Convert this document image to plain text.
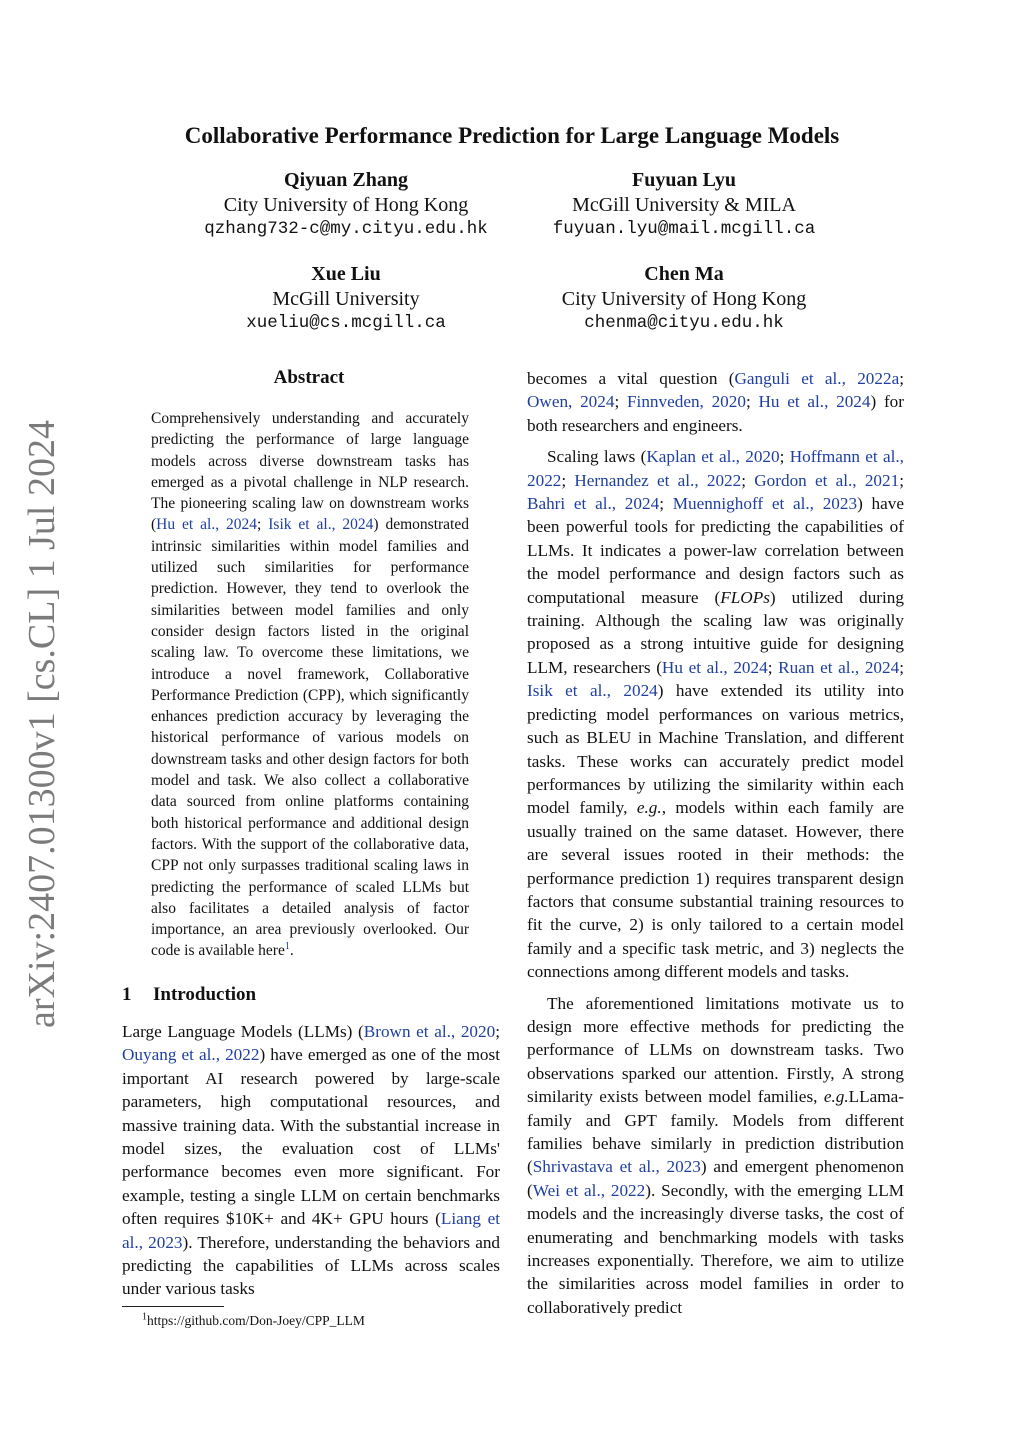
arXiv:2407.01300v1 [cs.CL] 1 Jul 2024
Collaborative Performance Prediction for Large Language Models
Qiyuan Zhang
City University of Hong Kong
qzhang732-c@my.cityu.edu.hk
Fuyuan Lyu
McGill University & MILA
fuyuan.lyu@mail.mcgill.ca
Xue Liu
McGill University
xueliu@cs.mcgill.ca
Chen Ma
City University of Hong Kong
chenma@cityu.edu.hk
Abstract
Comprehensively understanding and accurately predicting the performance of large language models across diverse downstream tasks has emerged as a pivotal challenge in NLP research. The pioneering scaling law on downstream works (Hu et al., 2024; Isik et al., 2024) demonstrated intrinsic similarities within model families and utilized such similarities for performance prediction. However, they tend to overlook the similarities between model families and only consider design factors listed in the original scaling law. To overcome these limitations, we introduce a novel framework, Collaborative Performance Prediction (CPP), which significantly enhances prediction accuracy by leveraging the historical performance of various models on downstream tasks and other design factors for both model and task. We also collect a collaborative data sourced from online platforms containing both historical performance and additional design factors. With the support of the collaborative data, CPP not only surpasses traditional scaling laws in predicting the performance of scaled LLMs but also facilitates a detailed analysis of factor importance, an area previously overlooked. Our code is available here$^1$.
1 Introduction
Large Language Models (LLMs) (Brown et al., 2020; Ouyang et al., 2022) have emerged as one of the most important AI research powered by large-scale parameters, high computational resources, and massive training data. With the substantial increase in model sizes, the evaluation cost of LLMs' performance becomes even more significant. For example, testing a single LLM on certain benchmarks often requires $10K+ and 4K+ GPU hours (Liang et al., 2023). Therefore, understanding the behaviors and predicting the capabilities of LLMs across scales under various tasks

becomes a vital question (Ganguli et al., 2022a; Owen, 2024; Finnveden, 2020; Hu et al., 2024) for both researchers and engineers.

Scaling laws (Kaplan et al., 2020; Hoffmann et al., 2022; Hernandez et al., 2022; Gordon et al., 2021; Bahri et al., 2024; Muennighoff et al., 2023) have been powerful tools for predicting the capabilities of LLMs. It indicates a power-law correlation between the model performance and design factors such as computational measure (FLOPs) utilized during training. Although the scaling law was originally proposed as a strong intuitive guide for designing LLM, researchers (Hu et al., 2024; Ruan et al., 2024; Isik et al., 2024) have extended its utility into predicting model performances on various metrics, such as BLEU in Machine Translation, and different tasks. These works can accurately predict model performances by utilizing the similarity within each model family, e.g., models within each family are usually trained on the same dataset. However, there are several issues rooted in their methods: the performance prediction 1) requires transparent design factors that consume substantial training resources to fit the curve, 2) is only tailored to a certain model family and a specific task metric, and 3) neglects the connections among different models and tasks.

The aforementioned limitations motivate us to design more effective methods for predicting the performance of LLMs on downstream tasks. Two observations sparked our attention. Firstly, A strong similarity exists between model families, e.g.LLama-family and GPT family. Models from different families behave similarly in prediction distribution (Shrivastava et al., 2023) and emergent phenomenon (Wei et al., 2022). Secondly, with the emerging LLM models and the increasingly diverse tasks, the cost of enumerating and benchmarking models with tasks increases exponentially. Therefore, we aim to utilize the similarities across model families in order to collaboratively predict

$^1$https://github.com/Don-Joey/CPP_LLM
